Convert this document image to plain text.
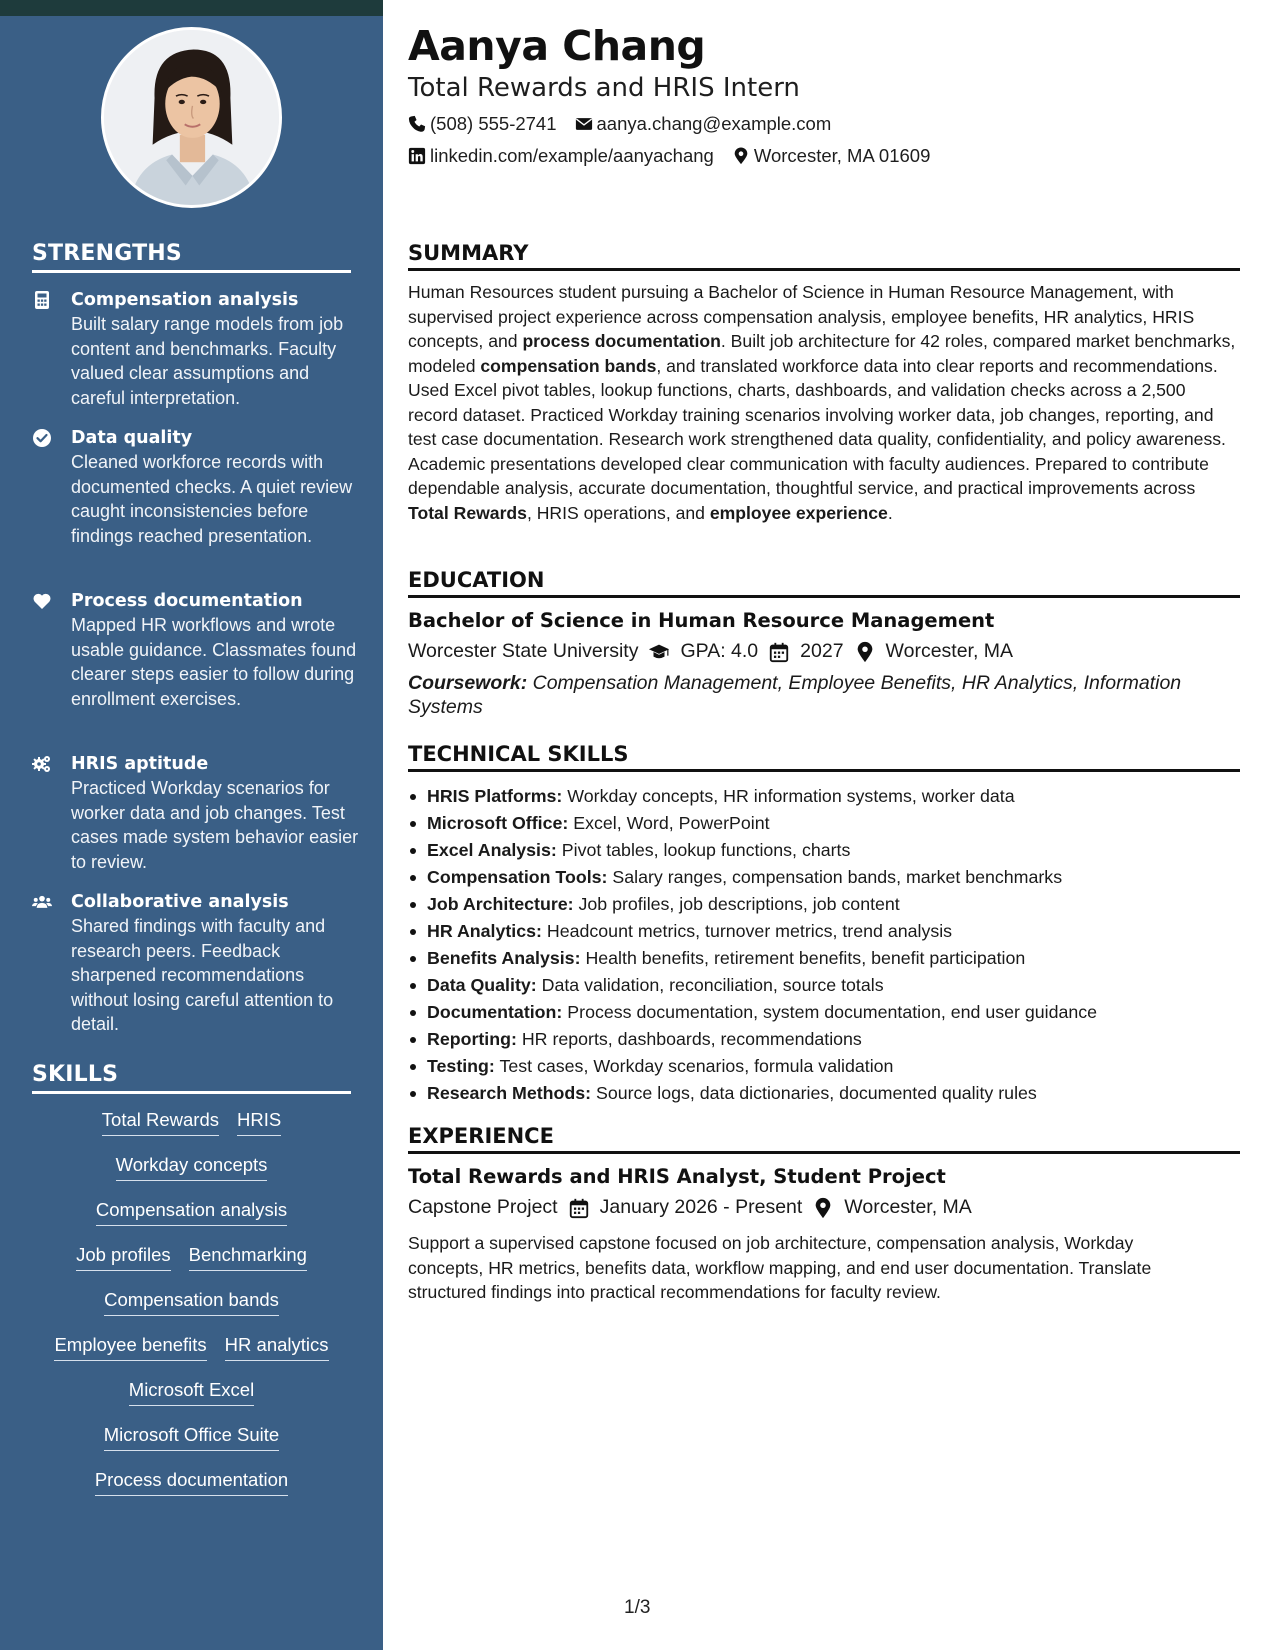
STRENGTHS
Compensation analysis
Built salary range models from job content and benchmarks. Faculty valued clear assumptions and careful interpretation.
Data quality
Cleaned workforce records with documented checks. A quiet review caught inconsistencies before findings reached presentation.
Process documentation
Mapped HR workflows and wrote usable guidance. Classmates found clearer steps easier to follow during enrollment exercises.
HRIS aptitude
Practiced Workday scenarios for worker data and job changes. Test cases made system behavior easier to review.
Collaborative analysis
Shared findings with faculty and research peers. Feedback sharpened recommendations without losing careful attention to detail.
SKILLS
Total Rewards HRIS
Workday concepts
Compensation analysis
Job profiles Benchmarking
Compensation bands
Employee benefits HR analytics
Microsoft Excel
Microsoft Office Suite
Process documentation
Aanya Chang
Total Rewards and HRIS Intern
(508) 555-2741 aanya.chang@example.com
linkedin.com/example/aanyachang Worcester, MA 01609
SUMMARY

Human Resources student pursuing a Bachelor of Science in Human Resource Management, with supervised project experience across compensation analysis, employee benefits, HR analytics, HRIS concepts, and process documentation. Built job architecture for 42 roles, compared market benchmarks, modeled compensation bands, and translated workforce data into clear reports and recommendations. Used Excel pivot tables, lookup functions, charts, dashboards, and validation checks across a 2,500 record dataset. Practiced Workday training scenarios involving worker data, job changes, reporting, and test case documentation. Research work strengthened data quality, confidentiality, and policy awareness. Academic presentations developed clear communication with faculty audiences. Prepared to contribute dependable analysis, accurate documentation, thoughtful service, and practical improvements across Total Rewards, HRIS operations, and employee experience.

EDUCATION
Bachelor of Science in Human Resource Management
Worcester State University GPA: 4.0 2027 Worcester, MA
Coursework: Compensation Management, Employee Benefits, HR Analytics, Information Systems
TECHNICAL SKILLS
HRIS Platforms: Workday concepts, HR information systems, worker data
Microsoft Office: Excel, Word, PowerPoint
Excel Analysis: Pivot tables, lookup functions, charts
Compensation Tools: Salary ranges, compensation bands, market benchmarks
Job Architecture: Job profiles, job descriptions, job content
HR Analytics: Headcount metrics, turnover metrics, trend analysis
Benefits Analysis: Health benefits, retirement benefits, benefit participation
Data Quality: Data validation, reconciliation, source totals
Documentation: Process documentation, system documentation, end user guidance
Reporting: HR reports, dashboards, recommendations
Testing: Test cases, Workday scenarios, formula validation
Research Methods: Source logs, data dictionaries, documented quality rules
EXPERIENCE
Total Rewards and HRIS Analyst, Student Project
Capstone Project January 2026 - Present Worcester, MA

Support a supervised capstone focused on job architecture, compensation analysis, Workday concepts, HR metrics, benefits data, workflow mapping, and end user documentation. Translate structured findings into practical recommendations for faculty review.

1/3
